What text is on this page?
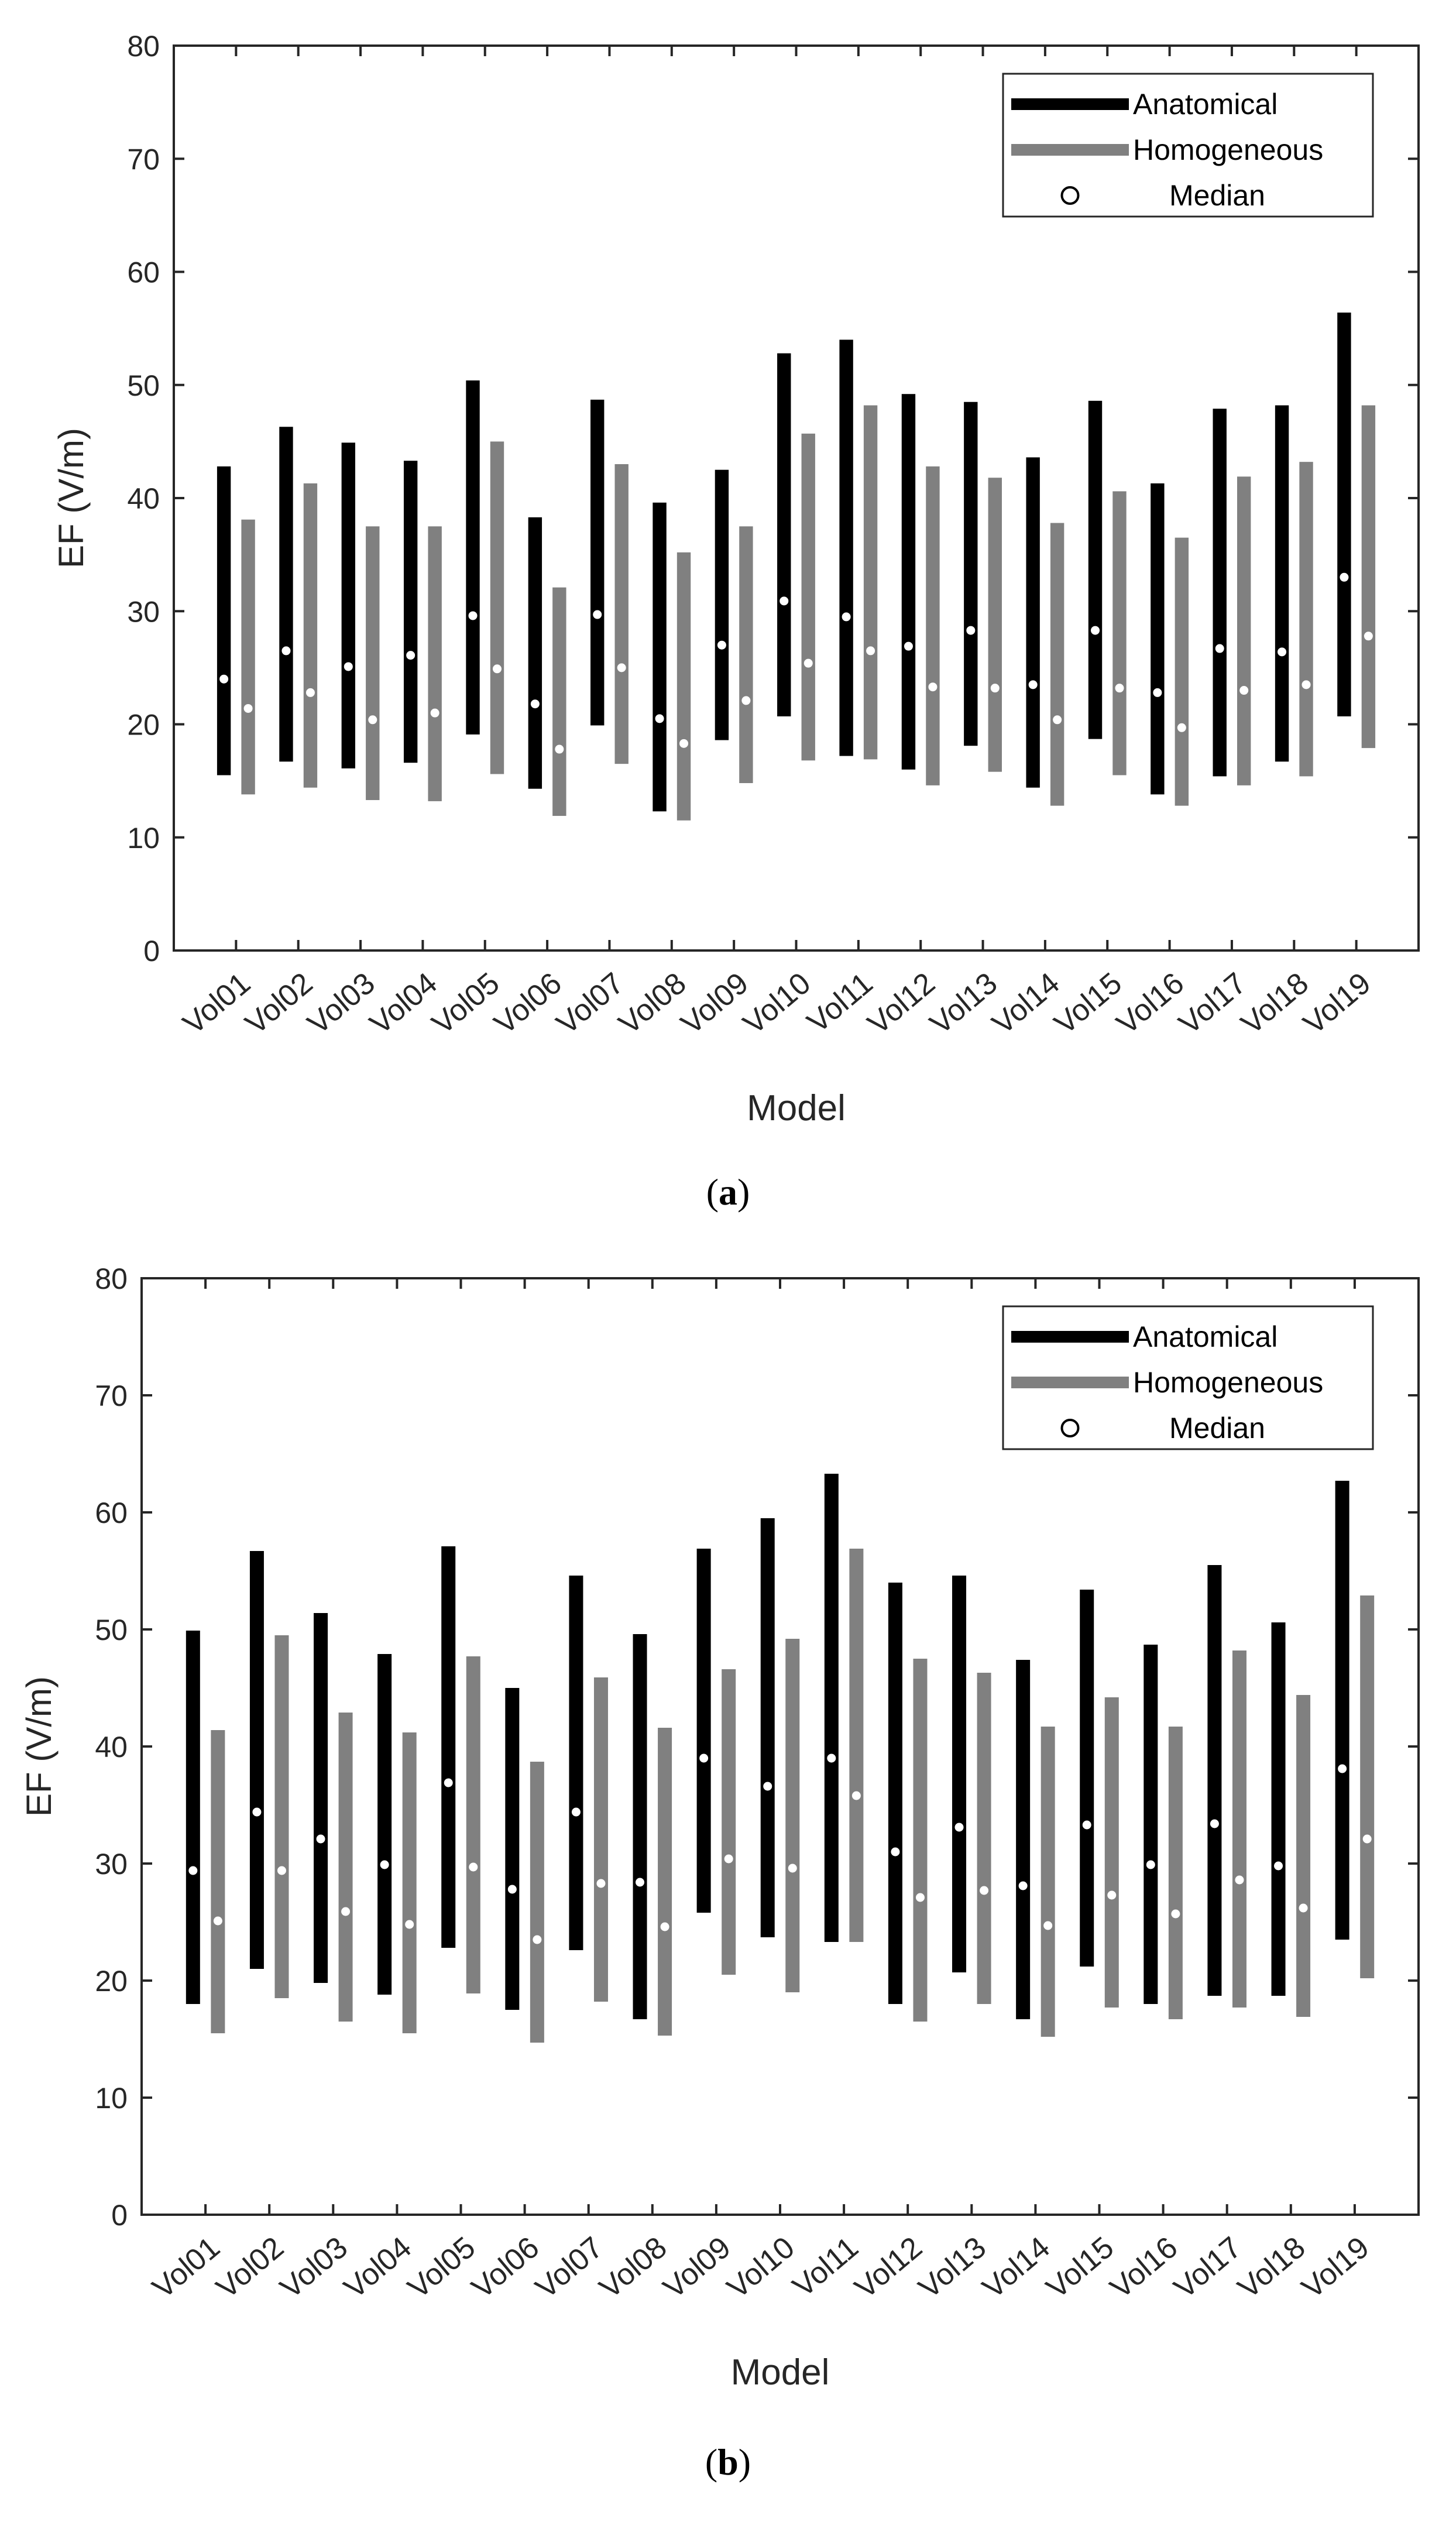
0
10
20
30
40
50
60
70
80
EF (V/m)
Vol01
Vol02
Vol03
Vol04
Vol05
Vol06
Vol07
Vol08
Vol09
Vol10
Vol11
Vol12
Vol13
Vol14
Vol15
Vol16
Vol17
Vol18
Vol19
Model
Anatomical
Homogeneous
Median
(a)
0
10
20
30
40
50
60
70
80
EF (V/m)
Vol01
Vol02
Vol03
Vol04
Vol05
Vol06
Vol07
Vol08
Vol09
Vol10
Vol11
Vol12
Vol13
Vol14
Vol15
Vol16
Vol17
Vol18
Vol19
Model
Anatomical
Homogeneous
Median
(b)
